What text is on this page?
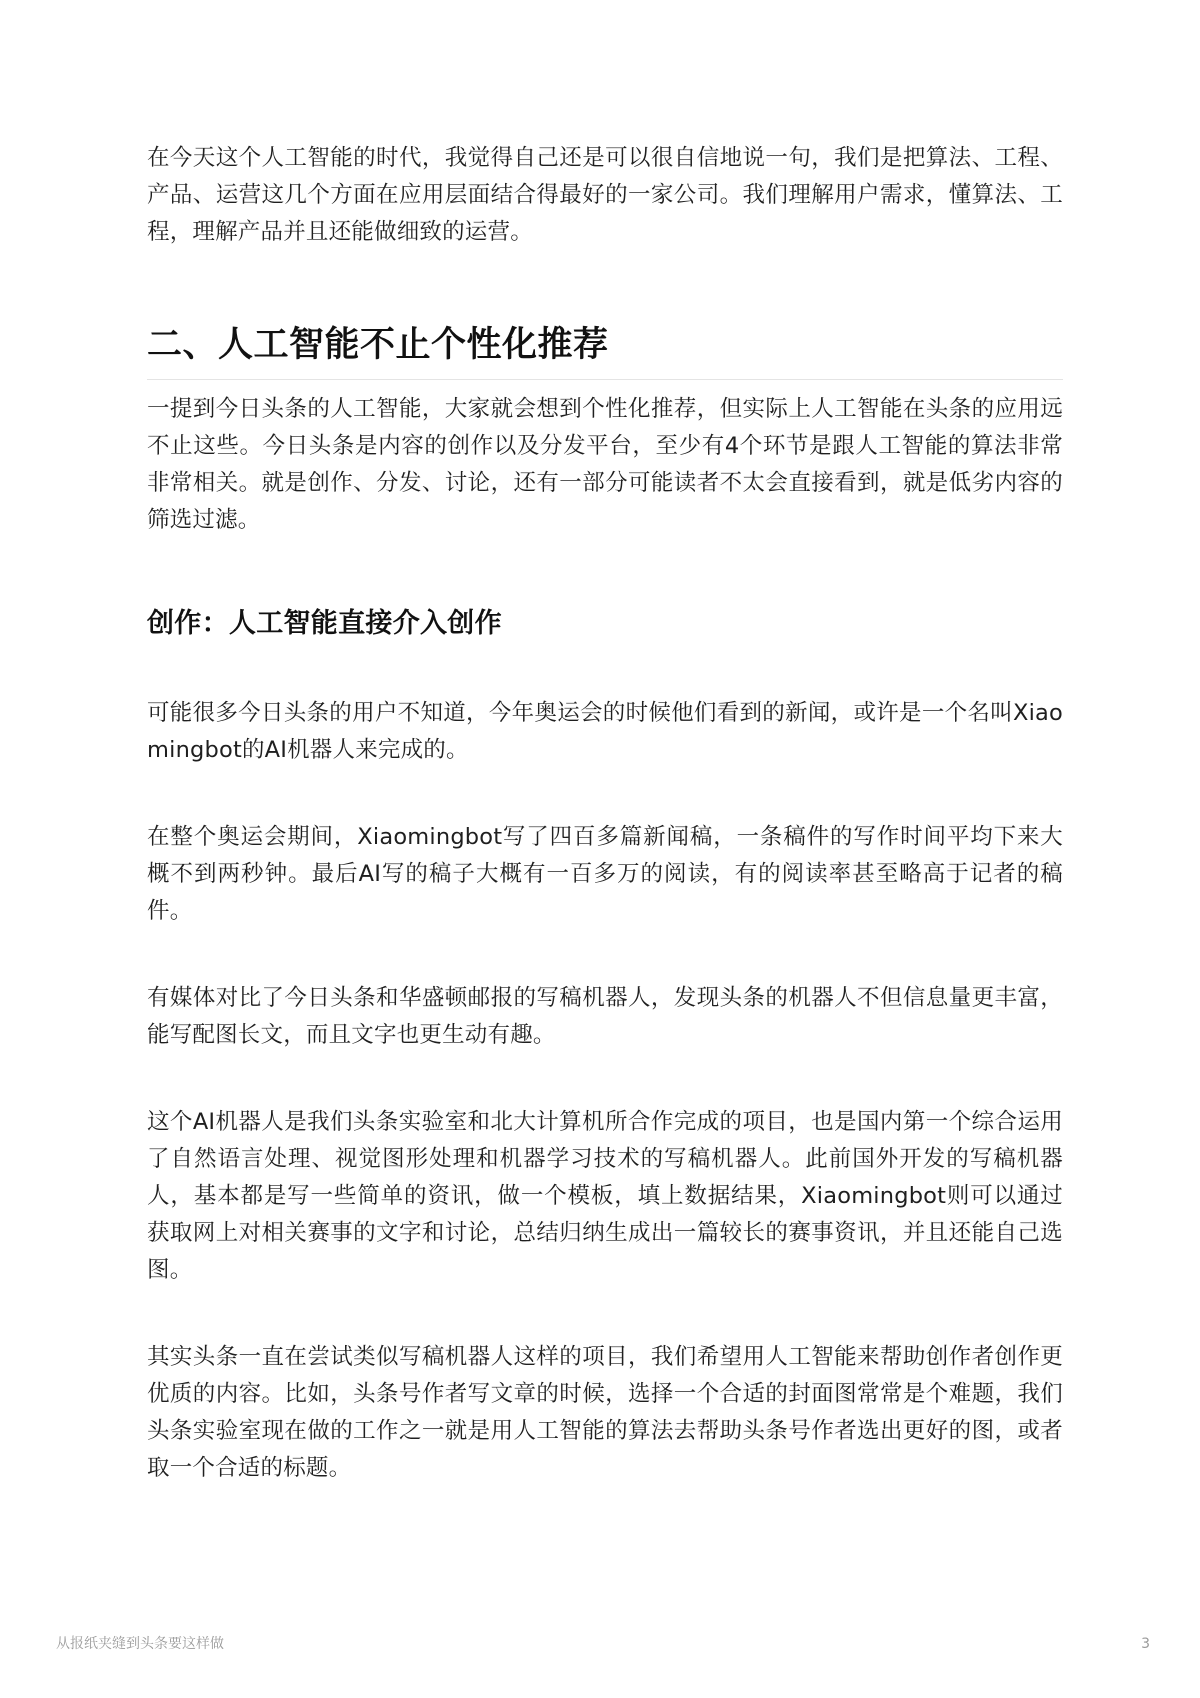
在今天这个人工智能的时代，我觉得自己还是可以很自信地说一句，我们是把算法、工程、产品、运营这几个方面在应用层面结合得最好的一家公司。我们理解用户需求，懂算法、工程，理解产品并且还能做细致的运营。

二、人工智能不止个性化推荐

一提到今日头条的人工智能，大家就会想到个性化推荐，但实际上人工智能在头条的应用远不止这些。今日头条是内容的创作以及分发平台，至少有4个环节是跟人工智能的算法非常非常相关。就是创作、分发、讨论，还有一部分可能读者不太会直接看到，就是低劣内容的筛选过滤。

创作：人工智能直接介入创作

可能很多今日头条的用户不知道，今年奥运会的时候他们看到的新闻，或许是一个名叫Xiaomingbot的AI机器人来完成的。

在整个奥运会期间，Xiaomingbot写了四百多篇新闻稿，一条稿件的写作时间平均下来大概不到两秒钟。最后AI写的稿子大概有一百多万的阅读，有的阅读率甚至略高于记者的稿件。

有媒体对比了今日头条和华盛顿邮报的写稿机器人，发现头条的机器人不但信息量更丰富，能写配图长文，而且文字也更生动有趣。

这个AI机器人是我们头条实验室和北大计算机所合作完成的项目，也是国内第一个综合运用了自然语言处理、视觉图形处理和机器学习技术的写稿机器人。此前国外开发的写稿机器人，基本都是写一些简单的资讯，做一个模板，填上数据结果，Xiaomingbot则可以通过获取网上对相关赛事的文字和讨论，总结归纳生成出一篇较长的赛事资讯，并且还能自己选图。

其实头条一直在尝试类似写稿机器人这样的项目，我们希望用人工智能来帮助创作者创作更优质的内容。比如，头条号作者写文章的时候，选择一个合适的封面图常常是个难题，我们头条实验室现在做的工作之一就是用人工智能的算法去帮助头条号作者选出更好的图，或者取一个合适的标题。

从报纸夹缝到头条要这样做	3
